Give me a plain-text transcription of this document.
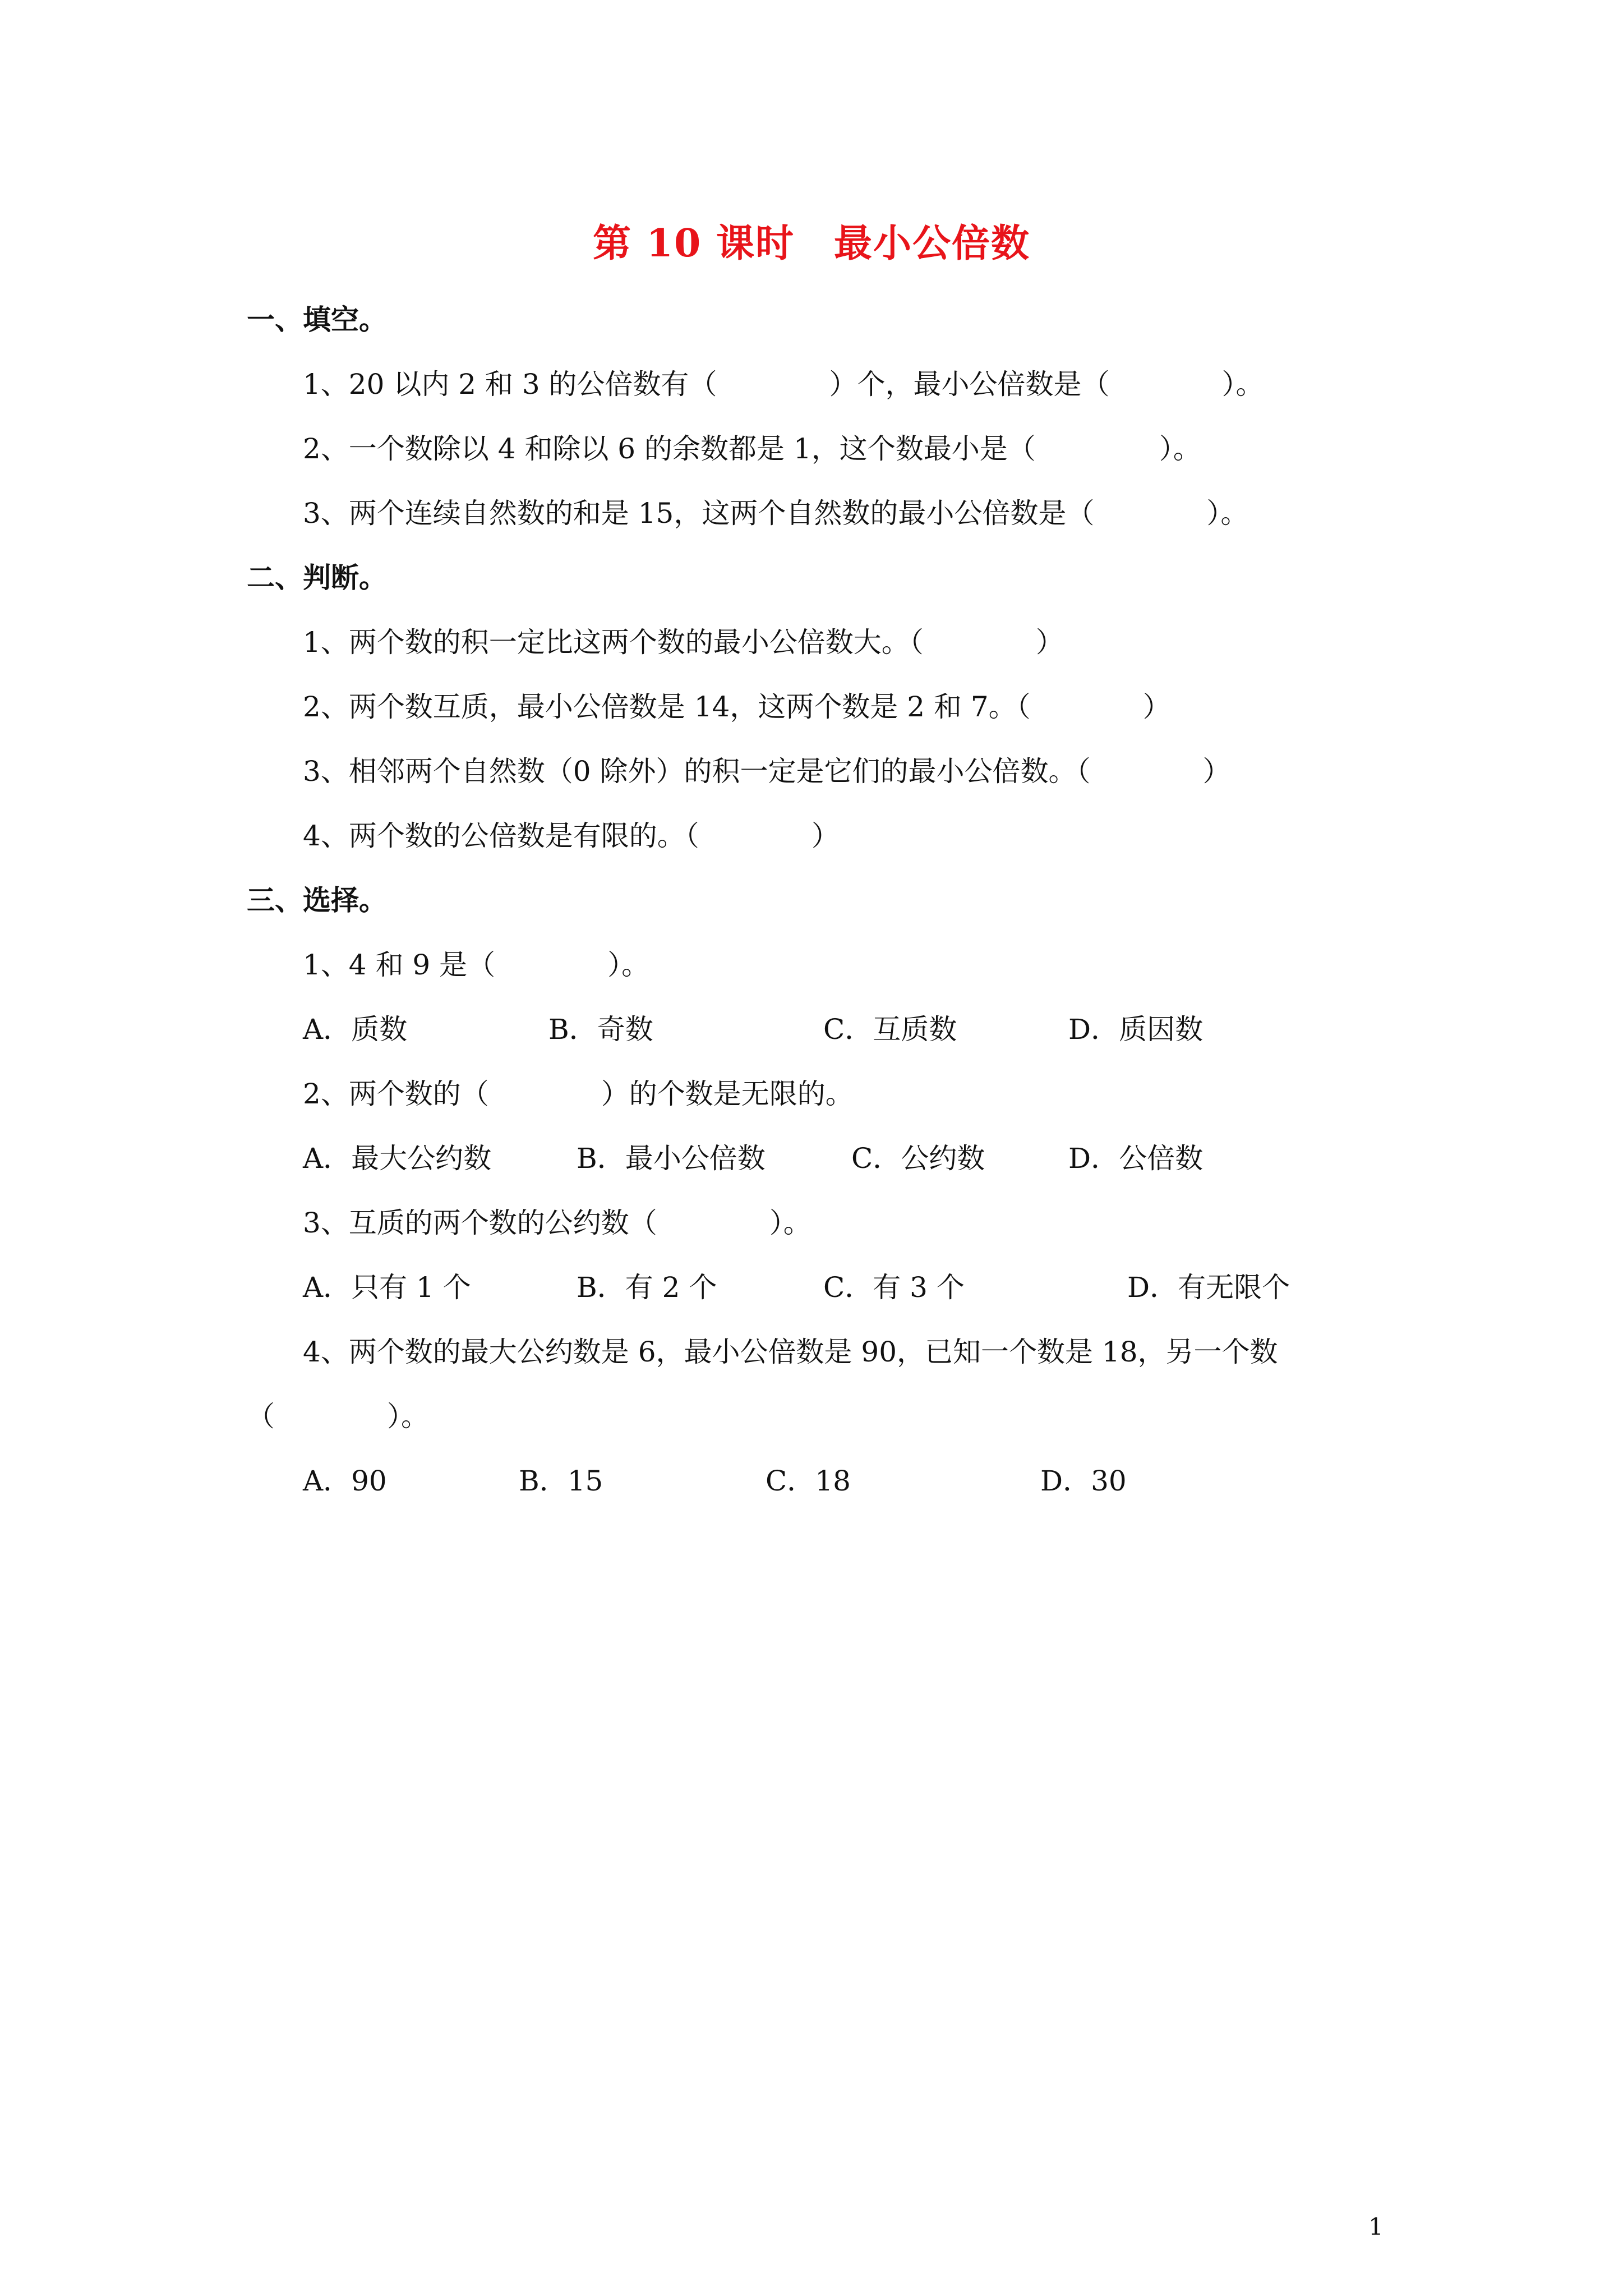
第 10 课时 最小公倍数
一、填空。
1、20 以内 2 和 3 的公倍数有（	）个，最小公倍数是（	）。
2、一个数除以 4 和除以 6 的余数都是 1，这个数最小是（	）。
3、两个连续自然数的和是 15，这两个自然数的最小公倍数是（	）。
二、判断。
1、两个数的积一定比这两个数的最小公倍数大。（	）
2、两个数互质，最小公倍数是 14，这两个数是 2 和 7。（	）
3、相邻两个自然数（0 除外）的积一定是它们的最小公倍数。（	）
4、两个数的公倍数是有限的。（	）
三、选择。
1、4 和 9 是（	）。
A．质数	B．奇数	C．互质数	D．质因数
2、两个数的（	）的个数是无限的。
A．最大公约数	B．最小公倍数	C．公约数	D．公倍数
3、互质的两个数的公约数（	）。
A．只有 1 个	B．有 2 个	C．有 3 个	D．有无限个
4、两个数的最大公约数是 6，最小公倍数是 90，已知一个数是 18，另一个数
（	）。
A．90	B．15	C．18	D．30
1
